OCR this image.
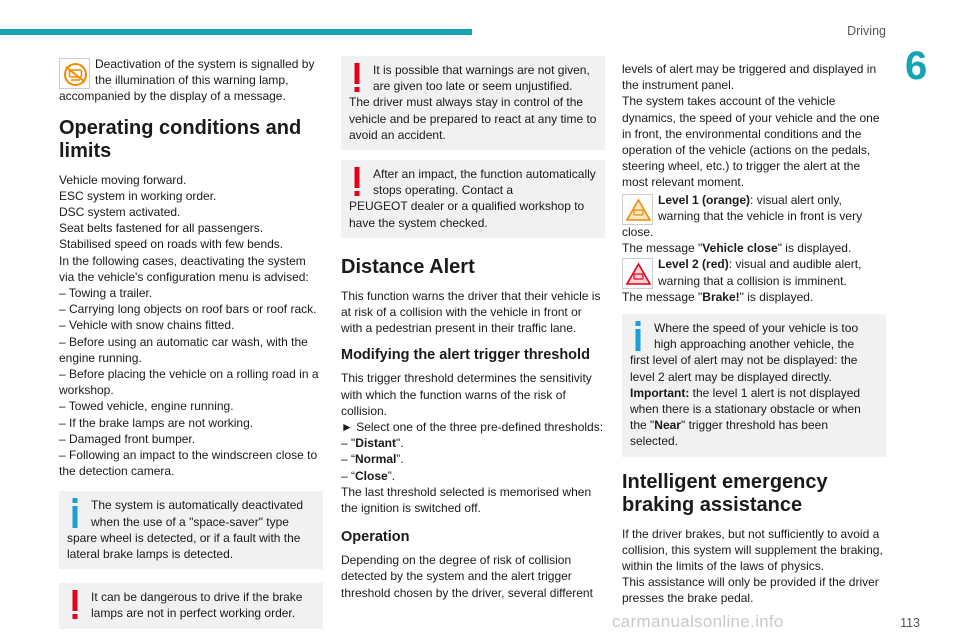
Driving
6

Deactivation of the system is signalled by the illumination of this warning lamp,

accompanied by the display of a message.

Operating conditions and limits

Vehicle moving forward.

ESC system in working order.

DSC system activated.

Seat belts fastened for all passengers.

Stabilised speed on roads with few bends.

In the following cases, deactivating the system via the vehicle's configuration menu is advised:

– Towing a trailer.

– Carrying long objects on roof bars or roof rack.

– Vehicle with snow chains fitted.

– Before using an automatic car wash, with the engine running.

– Before placing the vehicle on a rolling road in a workshop.

– Towed vehicle, engine running.

– If the brake lamps are not working.

– Damaged front bumper.

– Following an impact to the windscreen close to the detection camera.

The system is automatically deactivated when the use of a "space-saver" type

spare wheel is detected, or if a fault with the lateral brake lamps is detected.

It can be dangerous to drive if the brake lamps are not in perfect working order.

It is possible that warnings are not given, are given too late or seem unjustified.

The driver must always stay in control of the vehicle and be prepared to react at any time to avoid an accident.

After an impact, the function automatically stops operating. Contact a

PEUGEOT dealer or a qualified workshop to have the system checked.

Distance Alert

This function warns the driver that their vehicle is at risk of a collision with the vehicle in front or with a pedestrian present in their traffic lane.

Modifying the alert trigger threshold

This trigger threshold determines the sensitivity with which the function warns of the risk of collision.

► Select one of the three pre-defined thresholds:

– "Distant".

– “Normal”.

– “Close”.

The last threshold selected is memorised when the ignition is switched off.

Operation

Depending on the degree of risk of collision detected by the system and the alert trigger threshold chosen by the driver, several different

levels of alert may be triggered and displayed in the instrument panel.

The system takes account of the vehicle dynamics, the speed of your vehicle and the one in front, the environmental conditions and the operation of the vehicle (actions on the pedals, steering wheel, etc.) to trigger the alert at the most relevant moment.

Level 1 (orange): visual alert only, warning that the vehicle in front is very

close.

The message "Vehicle close" is displayed.

Level 2 (red): visual and audible alert, warning that a collision is imminent.

The message "Brake!" is displayed.

Where the speed of your vehicle is too high approaching another vehicle, the

first level of alert may not be displayed: the level 2 alert may be displayed directly.

Important: the level 1 alert is not displayed when there is a stationary obstacle or when the "Near" trigger threshold has been selected.

Intelligent emergency braking assistance

If the driver brakes, but not sufficiently to avoid a collision, this system will supplement the braking, within the limits of the laws of physics.

This assistance will only be provided if the driver presses the brake pedal.

carmanualsonline.info	113
